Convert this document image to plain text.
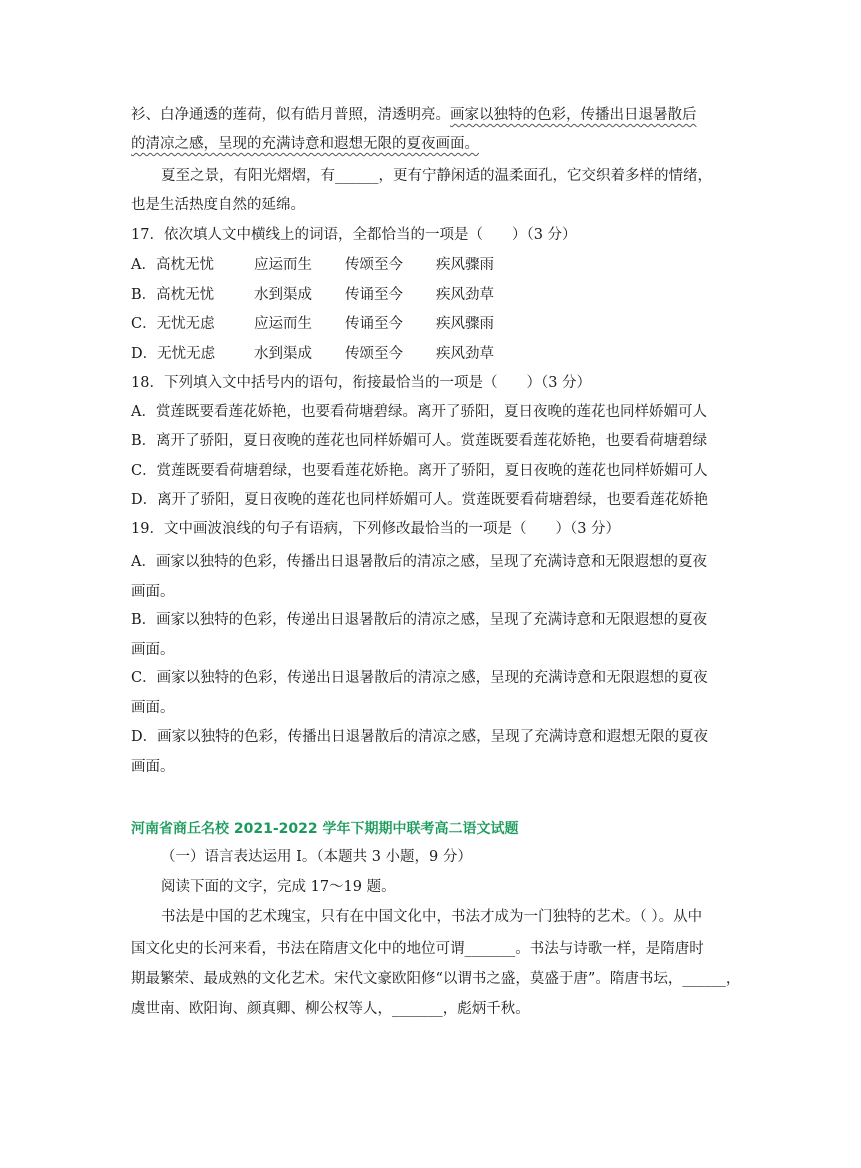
衫、白净通透的莲荷，似有皓月普照，清透明亮。画家以独特的色彩，传播出日退暑散后
的清凉之感，呈现的充满诗意和遐想无限的夏夜画面。
夏至之景，有阳光熠熠，有______，更有宁静闲适的温柔面孔，它交织着多样的情绪，
也是生活热度自然的延绵。
17．依次填人文中横线上的词语，全都恰当的一项是（　　）（3 分）
A．高枕无忧	应运而生 传颂至今 疾风骤雨
B．高枕无忧	水到渠成 传诵至今 疾风劲草
C．无忧无虑	应运而生 传诵至今 疾风骤雨
D．无忧无虑	水到渠成 传颂至今 疾风劲草
18．下列填入文中括号内的语句，衔接最恰当的一项是（　　）（3 分）
A．赏莲既要看莲花娇艳，也要看荷塘碧绿。离开了骄阳，夏日夜晚的莲花也同样娇媚可人
B．离开了骄阳，夏日夜晚的莲花也同样娇媚可人。赏莲既要看莲花娇艳，也要看荷塘碧绿
C．赏莲既要看荷塘碧绿，也要看莲花娇艳。离开了骄阳，夏日夜晚的莲花也同样娇媚可人
D．离开了骄阳，夏日夜晚的莲花也同样娇媚可人。赏莲既要看荷塘碧绿，也要看莲花娇艳
19．文中画波浪线的句子有语病，下列修改最恰当的一项是（　　）（3 分）
A．画家以独特的色彩，传播出日退暑散后的清凉之感，呈现了充满诗意和无限遐想的夏夜
画面。
B．画家以独特的色彩，传递出日退暑散后的清凉之感，呈现了充满诗意和无限遐想的夏夜
画面。
C．画家以独特的色彩，传递出日退暑散后的清凉之感，呈现的充满诗意和无限遐想的夏夜
画面。
D．画家以独特的色彩，传播出日退暑散后的清凉之感，呈现了充满诗意和遐想无限的夏夜
画面。
河南省商丘名校 2021-2022 学年下期期中联考高二语文试题
（一）语言表达运用 I。（本题共 3 小题，9 分）
阅读下面的文字，完成 17～19 题。
书法是中国的艺术瑰宝，只有在中国文化中，书法才成为一门独特的艺术。（ ）。从中
国文化史的长河来看，书法在隋唐文化中的地位可谓_______。书法与诗歌一样，是隋唐时
期最繁荣、最成熟的文化艺术。宋代文豪欧阳修“以谓书之盛，莫盛于唐”。隋唐书坛，______，
虞世南、欧阳询、颜真卿、柳公权等人，_______，彪炳千秋。
